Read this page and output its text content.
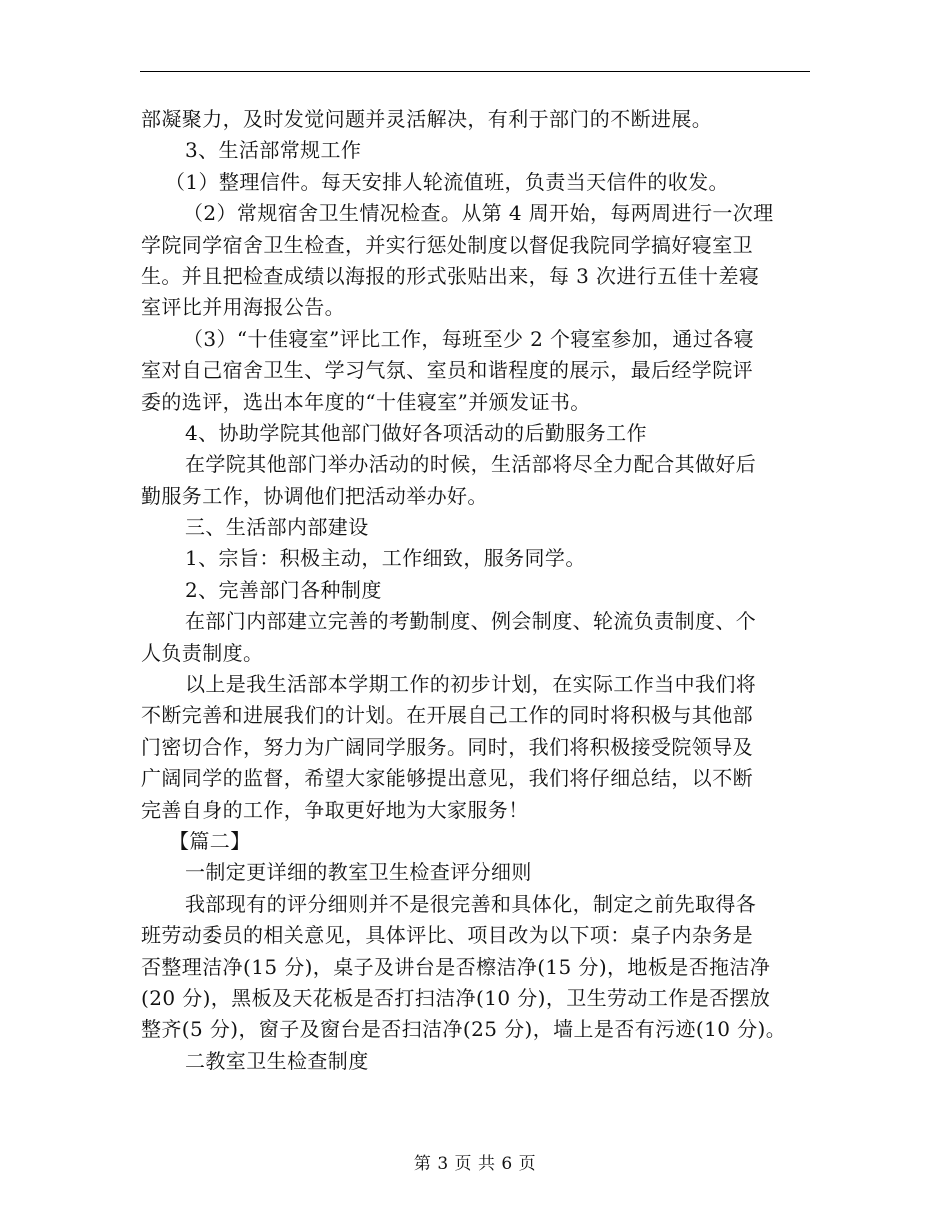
部凝聚力，及时发觉问题并灵活解决，有利于部门的不断进展。
3、生活部常规工作
（1）整理信件。每天安排人轮流值班，负责当天信件的收发。
（2）常规宿舍卫生情况检查。从第 4 周开始，每两周进行一次理
学院同学宿舍卫生检查，并实行惩处制度以督促我院同学搞好寝室卫
生。并且把检查成绩以海报的形式张贴出来，每 3 次进行五佳十差寝
室评比并用海报公告。
（3）“十佳寝室”评比工作，每班至少 2 个寝室参加，通过各寝
室对自己宿舍卫生、学习气氛、室员和谐程度的展示，最后经学院评
委的选评，选出本年度的“十佳寝室”并颁发证书。
4、协助学院其他部门做好各项活动的后勤服务工作
在学院其他部门举办活动的时候，生活部将尽全力配合其做好后
勤服务工作，协调他们把活动举办好。
三、生活部内部建设
1、宗旨：积极主动，工作细致，服务同学。
2、完善部门各种制度
在部门内部建立完善的考勤制度、例会制度、轮流负责制度、个
人负责制度。
以上是我生活部本学期工作的初步计划，在实际工作当中我们将
不断完善和进展我们的计划。在开展自己工作的同时将积极与其他部
门密切合作，努力为广阔同学服务。同时，我们将积极接受院领导及
广阔同学的监督，希望大家能够提出意见，我们将仔细总结，以不断
完善自身的工作，争取更好地为大家服务！
【篇二】
一制定更详细的教室卫生检查评分细则
我部现有的评分细则并不是很完善和具体化，制定之前先取得各
班劳动委员的相关意见，具体评比、项目改为以下项：桌子内杂务是
否整理洁净(15 分)，桌子及讲台是否檫洁净(15 分)，地板是否拖洁净
(20 分)，黑板及天花板是否打扫洁净(10 分)，卫生劳动工作是否摆放
整齐(5 分)，窗子及窗台是否扫洁净(25 分)，墙上是否有污迹(10 分)。
二教室卫生检查制度
第 3 页 共 6 页
